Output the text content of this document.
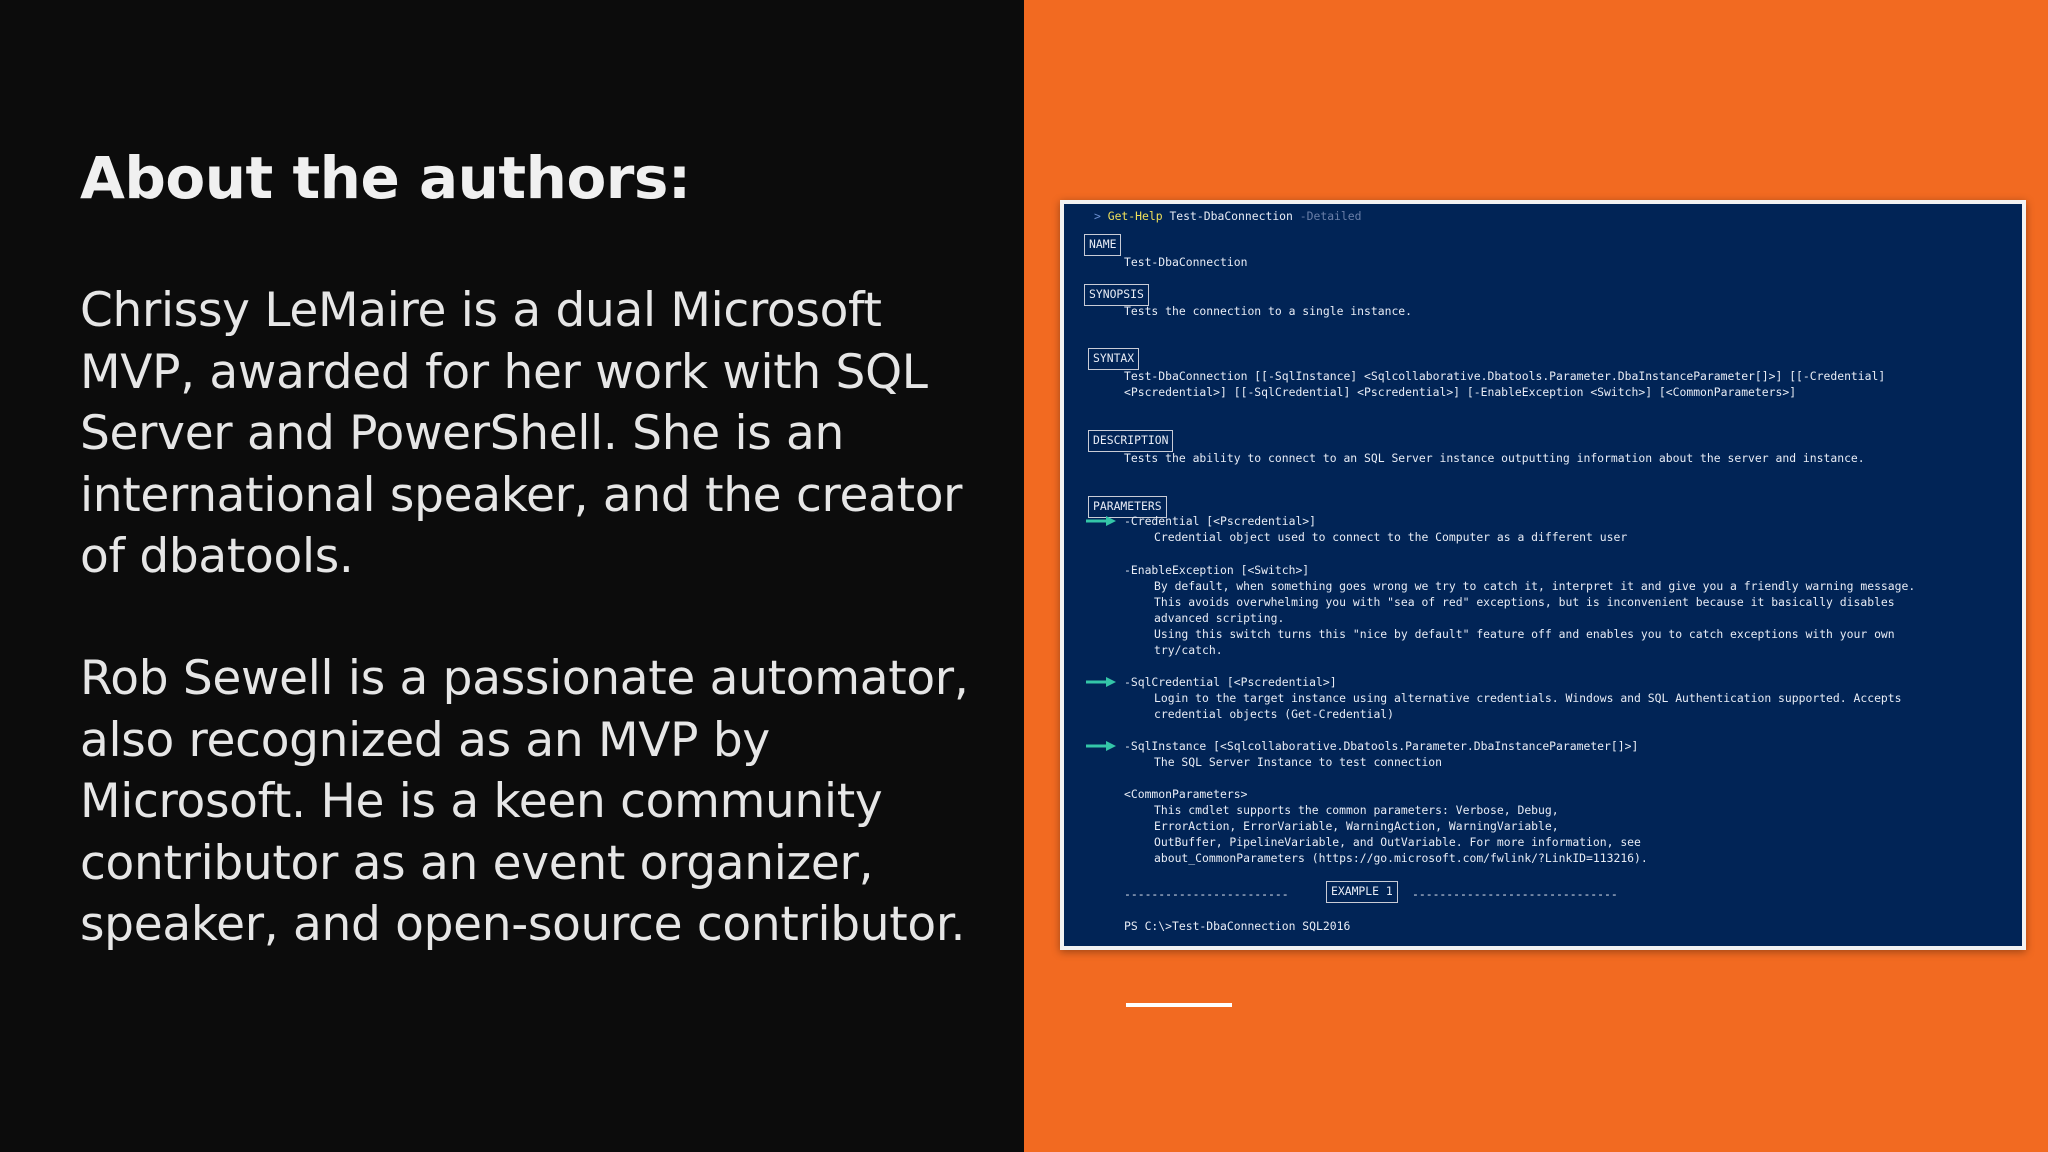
About the authors:

Chrissy LeMaire is a dual Microsoft MVP, awarded for her work with SQL Server and PowerShell. She is an international speaker, and the creator of dbatools.

Rob Sewell is a passionate automator, also recognized as an MVP by Microsoft. He is a keen community contributor as an event organizer, speaker, and open-source contributor.

> Get-Help Test-DbaConnection -Detailed
NAME
Test-DbaConnection
SYNOPSIS
Tests the connection to a single instance.
SYNTAX
Test-DbaConnection [[-SqlInstance] <Sqlcollaborative.Dbatools.Parameter.DbaInstanceParameter[]>] [[-Credential]
<Pscredential>] [[-SqlCredential] <Pscredential>] [-EnableException <Switch>] [<CommonParameters>]
DESCRIPTION
Tests the ability to connect to an SQL Server instance outputting information about the server and instance.
PARAMETERS
-Credential [<Pscredential>]
Credential object used to connect to the Computer as a different user
-EnableException [<Switch>]
By default, when something goes wrong we try to catch it, interpret it and give you a friendly warning message.
This avoids overwhelming you with "sea of red" exceptions, but is inconvenient because it basically disables
advanced scripting.
Using this switch turns this "nice by default" feature off and enables you to catch exceptions with your own
try/catch.
-SqlCredential [<Pscredential>]
Login to the target instance using alternative credentials. Windows and SQL Authentication supported. Accepts
credential objects (Get-Credential)
-SqlInstance [<Sqlcollaborative.Dbatools.Parameter.DbaInstanceParameter[]>]
The SQL Server Instance to test connection
<CommonParameters>
This cmdlet supports the common parameters: Verbose, Debug,
ErrorAction, ErrorVariable, WarningAction, WarningVariable,
OutBuffer, PipelineVariable, and OutVariable. For more information, see
about_CommonParameters (https://go.microsoft.com/fwlink/?LinkID=113216).
------------------------	EXAMPLE 1	------------------------------
PS C:\>Test-DbaConnection SQL2016
